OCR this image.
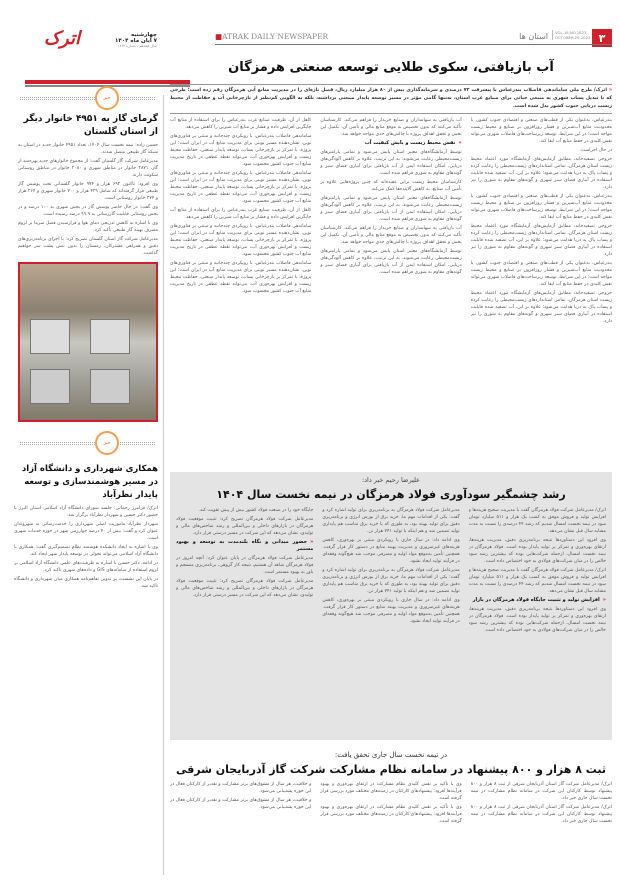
۳
VOL.18,NO.1823
OCTOBER.29.2025
استان ها
■ATRAK DAILY NEWSPAPER
اترک	چهارشنبه
۷ آبان ماه ۱۴۰۴
سال هجدهم ـ شماره ۱۸۲۳
خبر
گرمای گاز به ۴۹۵۱ خانوار دیگر از استان گلستان

حسین زاده: نیمه نخست سال ۱۴۰۴، تعداد ۴۹۵۱ خانوار جدید در استان به شبکه گاز طبیعی متصل شدند.

مدیرعامل شرکت گاز گلستان گفت: از مجموع خانوارهای جدید بهره‌مند از گاز، ۲۸۷۱ خانوار در مناطق شهری و ۲۰۸۰ خانوار در مناطق روستایی سکونت دارند.

وی افزود: تاکنون ۶۹۲ هزار و ۹۷۴ خانوار گلستانی تحت پوشش گاز طبیعی قرار گرفته‌اند که شامل ۴۲۹ هزار و ۷۰۰ خانوار شهری و ۲۶۴ هزار و ۲۷۴ خانوار روستایی است.

وی گفت: در حال حاضر پوشش گاز در بخش شهری به ۱۰۰ درصد و در بخش روستایی قابلیت گازرسانی به ۹۹.۹ درصد رسیده است.

وی با اشاره به کاهش تدریجی دمای هوا و فرارسیدن فصل سرما بر لزوم مصرف بهینه گاز طبیعی تأکید کرد.

مدیرعامل شرکت گاز استان گلستان تصریح کرد: با اجرای برنامه‌ریزی‌های دقیق و همراهی مشترکان، زمستان را بدون تنش پشت سر خواهیم گذاشت.

خبر
همکاری شهرداری و دانشگاه آزاد در مسیر هوشمندسازی و توسعه پایدار نظرآباد

اترک/ فرامرز رحمانی: جلسه شورای دانشگاه آزاد اسلامی استان البرز با حضور دکتر حسین و شهردار نظرآباد برگزار شد.

شهردار نظرآباد ماموریت اصلی شهرداری را خدمت‌رسانی به شهروندان عنوان کرد و گفت: بیش از ۴۰ درصد خوارزمی شهر در حوزه خدمات شهری است.

وی با اشاره به ایجاد دانشکده هوشمند نظام تصمیم‌گیری گفت: همکاری با دانشگاه آزاد اسلامی می‌تواند تحولی در توسعه پایدار شهر ایجاد کند.

در ادامه، دکتر حسین با اشاره به ظرفیت‌های علمی دانشگاه آزاد اسلامی بر لزوم استفاده از سامانه‌های GIS و داده‌های شهری تاکید کرد.

در پایان این نشست، بر تدوین تفاهم‌نامه همکاری میان شهرداری و دانشگاه تاکید شد.

آب بازیافتی، سکوی طلایی توسعه صنعتی هرمزگان
« اترک/ طرح ملی ساماندهی فاضلاب بندرعباس با پیشرفت ۷۲ درصدی و سرمایه‌گذاری بیش از ۸۰ هزار میلیارد ریال، فصل تازه‌ای را در مدیریت منابع آبی هرمزگان رقم زده است؛ طرحی که با تبدیل پساب شهری به منبعی حیاتی برای صنایع غرب استان، نه‌تنها گامی مؤثر در مسیر توسعه پایدار صنعتی برداشته، بلکه به الگویی کم‌نظیر از بازچرخانی آب و حفاظت از محیط زیست دریایی جنوب کشور بدل شده است.

بندرعباس، به‌عنوان یکی از قطب‌های صنعتی و اقتصادی جنوب کشور، با محدودیت منابع آب‌شیرین و فشار روزافزون بر صنایع و محیط زیست مواجه است؛ در این شرایط، توسعه زیرساخت‌های فاضلاب شهری می‌تواند نقش کلیدی در حفظ منابع آب ایفا کند.

در حال اجراست.

خروجی تصفیه‌خانه، مطابق آزمایش‌های آزمایشگاه مورد اعتماد محیط زیست استان هرمزگان، تمامی استانداردهای زیست‌محیطی را رعایت کرده و پساب پاک به دریا هدایت می‌شود؛ علاوه بر این، آب تصفیه شده قابلیت استفاده در آبیاری فضای سبز شهری و گونه‌های مقاوم به شوری را نیز دارد.

بندرعباس، به‌عنوان یکی از قطب‌های صنعتی و اقتصادی جنوب کشور، با محدودیت منابع آب‌شیرین و فشار روزافزون بر صنایع و محیط زیست مواجه است؛ در این شرایط، توسعه زیرساخت‌های فاضلاب شهری می‌تواند نقش کلیدی در حفظ منابع آب ایفا کند.

خروجی تصفیه‌خانه، مطابق آزمایش‌های آزمایشگاه مورد اعتماد محیط زیست استان هرمزگان، تمامی استانداردهای زیست‌محیطی را رعایت کرده و پساب پاک به دریا هدایت می‌شود؛ علاوه بر این، آب تصفیه شده قابلیت استفاده در آبیاری فضای سبز شهری و گونه‌های مقاوم به شوری را نیز دارد.

بندرعباس، به‌عنوان یکی از قطب‌های صنعتی و اقتصادی جنوب کشور، با محدودیت منابع آب‌شیرین و فشار روزافزون بر صنایع و محیط زیست مواجه است؛ در این شرایط، توسعه زیرساخت‌های فاضلاب شهری می‌تواند نقش کلیدی در حفظ منابع آب ایفا کند.

خروجی تصفیه‌خانه، مطابق آزمایش‌های آزمایشگاه مورد اعتماد محیط زیست استان هرمزگان، تمامی استانداردهای زیست‌محیطی را رعایت کرده و پساب پاک به دریا هدایت می‌شود؛ علاوه بر این، آب تصفیه شده قابلیت استفاده در آبیاری فضای سبز شهری و گونه‌های مقاوم به شوری را نیز دارد.

آب بازیافتی به سهامداران و صنایع خریدار را فراهم می‌کند. کارشناسان تأکید می‌کنند که بدون تخصیص به موقع منابع مالی و تأمین آن، تکمیل این بخش و تحقق اهداف پروژه با چالش‌های جدی مواجه خواهد شد.

« نقش محیط زیست و پایش کیفیت آب

توسط آزمایشگاه‌های معتبر استان پایش می‌شود و تمامی پارامترهای زیست‌محیطی رعایت می‌شوند. به این ترتیب، علاوه بر کاهش آلودگی‌های دریایی، امکان استفاده ایمن از آب بازیافتی برای آبیاری فضای سبز و گونه‌های مقاوم به شوری فراهم شده است.

کارشناسان محیط زیست براین عقیده‌اند که چنین پروژه‌هایی علاوه بر تأمین آب صنایع، به کاهش آلاینده‌ها کمک می‌کند.

توسط آزمایشگاه‌های معتبر استان پایش می‌شود و تمامی پارامترهای زیست‌محیطی رعایت می‌شوند. به این ترتیب، علاوه بر کاهش آلودگی‌های دریایی، امکان استفاده ایمن از آب بازیافتی برای آبیاری فضای سبز و گونه‌های مقاوم به شوری فراهم شده است.

آب بازیافتی به سهامداران و صنایع خریدار را فراهم می‌کند. کارشناسان تأکید می‌کنند که بدون تخصیص به موقع منابع مالی و تأمین آن، تکمیل این بخش و تحقق اهداف پروژه با چالش‌های جدی مواجه خواهد شد.

توسط آزمایشگاه‌های معتبر استان پایش می‌شود و تمامی پارامترهای زیست‌محیطی رعایت می‌شوند. به این ترتیب، علاوه بر کاهش آلودگی‌های دریایی، امکان استفاده ایمن از آب بازیافتی برای آبیاری فضای سبز و گونه‌های مقاوم به شوری فراهم شده است.

کاهل از آن، ظرفیت صنایع غرب بندرعباس را برای استفاده از منابع آب جایگزین افزایش داده و فشار بر منابع آب شیرین را کاهش می‌دهد.

ساماندهی فاضلاب بندرعباس، با رویکردی چندجانبه و مبتنی بر فناوری‌های نوین، نشان‌دهنده مسیر نوینی برای مدیریت منابع آب در ایران است؛ این پروژه، با تمرکز بر بازچرخانی پساب، توسعه پایدار صنعتی، حفاظت محیط زیست و افزایش بهره‌وری آب، می‌تواند نقطه عطفی در تاریخ مدیریت منابع آب جنوب کشور محسوب شود.

ساماندهی فاضلاب بندرعباس، با رویکردی چندجانبه و مبتنی بر فناوری‌های نوین، نشان‌دهنده مسیر نوینی برای مدیریت منابع آب در ایران است؛ این پروژه، با تمرکز بر بازچرخانی پساب، توسعه پایدار صنعتی، حفاظت محیط زیست و افزایش بهره‌وری آب، می‌تواند نقطه عطفی در تاریخ مدیریت منابع آب جنوب کشور محسوب شود.

کاهل از آن، ظرفیت صنایع غرب بندرعباس را برای استفاده از منابع آب جایگزین افزایش داده و فشار بر منابع آب شیرین را کاهش می‌دهد.

ساماندهی فاضلاب بندرعباس، با رویکردی چندجانبه و مبتنی بر فناوری‌های نوین، نشان‌دهنده مسیر نوینی برای مدیریت منابع آب در ایران است؛ این پروژه، با تمرکز بر بازچرخانی پساب، توسعه پایدار صنعتی، حفاظت محیط زیست و افزایش بهره‌وری آب، می‌تواند نقطه عطفی در تاریخ مدیریت منابع آب جنوب کشور محسوب شود.

ساماندهی فاضلاب بندرعباس، با رویکردی چندجانبه و مبتنی بر فناوری‌های نوین، نشان‌دهنده مسیر نوینی برای مدیریت منابع آب در ایران است؛ این پروژه، با تمرکز بر بازچرخانی پساب، توسعه پایدار صنعتی، حفاظت محیط زیست و افزایش بهره‌وری آب، می‌تواند نقطه عطفی در تاریخ مدیریت منابع آب جنوب کشور محسوب شود.

علیرضا رحیم خبر داد:
رشد چشمگیر سودآوری فولاد هرمزگان در نیمه نخست سال ۱۴۰۴

اترک/ مدیرعامل شرکت فولاد هرمزگان گفت با مدیریت صحیح هزینه‌ها و افزایش تولید و فروش موفق به کسب یک هزار و ۵۱۱ میلیارد تومان سود در نیمه نخست امسال شدیم که رشد ۴۴ درصدی را نسبت به مدت مشابه سال قبل نشان می‌دهد.

وی افزود این دستاوردها نتیجه برنامه‌ریزی دقیق، مدیریت هزینه‌ها، ارتقای بهره‌وری و تمرکز بر تولید پایدار بوده است. فولاد هرمزگان در نیمه نخست امسال، ازجمله شرکت‌هایی بوده که بیشترین رشد سود خالص را در میان شرکت‌های فولادی به خود اختصاص داده است.

اترک/ مدیرعامل شرکت فولاد هرمزگان گفت با مدیریت صحیح هزینه‌ها و افزایش تولید و فروش موفق به کسب یک هزار و ۵۱۱ میلیارد تومان سود در نیمه نخست امسال شدیم که رشد ۴۴ درصدی را نسبت به مدت مشابه سال قبل نشان می‌دهد.

« افزایش تولید و تثبیت جایگاه فولاد هرمزگان در بازار

وی افزود این دستاوردها نتیجه برنامه‌ریزی دقیق، مدیریت هزینه‌ها، ارتقای بهره‌وری و تمرکز بر تولید پایدار بوده است. فولاد هرمزگان در نیمه نخست امسال، ازجمله شرکت‌هایی بوده که بیشترین رشد سود خالص را در میان شرکت‌های فولادی به خود اختصاص داده است.

مدیرعامل شرکت فولاد هرمزگان به برنامه‌ریزی برای تولید اشاره کرد و گفت: یکی از اقدامات مهم ما، خرید برق از بورس انرژی و برنامه‌ریزی دقیق برای تولید بهینه بود، به طوری که با خرید برق مناسب هم پایداری تولید تضمین شد و هم اینکه با تولید ۷۴۱ هزار تن.

وی ادامه داد: در سال جاری با رویکردی مبتنی بر بهره‌وری، کاهش هزینه‌های غیرضروری و مدیریت بهینه منابع در دستور کار قرار گرفت. همچنین تأمین به‌موقع مواد اولیه و مصرفی موجب شد هیچ‌گونه وقفه‌ای در فرآیند تولید ایجاد نشود.

مدیرعامل شرکت فولاد هرمزگان به برنامه‌ریزی برای تولید اشاره کرد و گفت: یکی از اقدامات مهم ما، خرید برق از بورس انرژی و برنامه‌ریزی دقیق برای تولید بهینه بود، به طوری که با خرید برق مناسب هم پایداری تولید تضمین شد و هم اینکه با تولید ۷۴۱ هزار تن.

وی ادامه داد: در سال جاری با رویکردی مبتنی بر بهره‌وری، کاهش هزینه‌های غیرضروری و مدیریت بهینه منابع در دستور کار قرار گرفت. همچنین تأمین به‌موقع مواد اولیه و مصرفی موجب شد هیچ‌گونه وقفه‌ای در فرآیند تولید ایجاد نشود.

جایگاه خود را در صنعت فولاد کشور بیش از پیش تقویت کند.

مدیرعامل شرکت فولاد هرمزگان تصریح کرد: تثبیت موقعیت فولاد هرمزگان در بازارهای داخلی و بین‌المللی و رشد شاخص‌های مالی و تولیدی، نشان می‌دهد که این شرکت در مسیر درستی قرار دارد.

« حضور میدانی و نگاه بلندمدت به توسعه و بهبود مستمر

مدیرعامل شرکت فولاد هرمزگان در پایان عنوان کرد: آنچه امروز در فولاد هرمزگان شاهد آن هستیم، نتیجه کار گروهی، برنامه‌ریزی منسجم و باور به بهبود مستمر است.

مدیرعامل شرکت فولاد هرمزگان تصریح کرد: تثبیت موقعیت فولاد هرمزگان در بازارهای داخلی و بین‌المللی و رشد شاخص‌های مالی و تولیدی، نشان می‌دهد که این شرکت در مسیر درستی قرار دارد.

در نیمه نخست سال جاری تحقق یافت:
ثبت ۸ هزار و ۸۰۰ پیشنهاد در سامانه نظام مشارکت شرکت گاز آذربایجان شرقی

اترک/ مدیرعامل شرکت گاز استان آذربایجان شرقی از ثبت ۸ هزار و ۸۰۰ پیشنهاد توسط کارکنان این شرکت در سامانه نظام مشارکت در نیمه نخست سال جاری خبر داد.

اترک/ مدیرعامل شرکت گاز استان آذربایجان شرقی از ثبت ۸ هزار و ۸۰۰ پیشنهاد توسط کارکنان این شرکت در سامانه نظام مشارکت در نیمه نخست سال جاری خبر داد.

وی با تأکید بر نقش کلیدی نظام مشارکت در ارتقای بهره‌وری و بهبود فرآیندها افزود: پیشنهادهای کارکنان در زمینه‌های مختلف مورد بررسی قرار گرفته است.

وی با تأکید بر نقش کلیدی نظام مشارکت در ارتقای بهره‌وری و بهبود فرآیندها افزود: پیشنهادهای کارکنان در زمینه‌های مختلف مورد بررسی قرار گرفته است.

و خلاقیت، هر سال از مشوق‌های برتر مشارکت و تقدیر از کارکنان فعال در این حوزه پشتیبانی می‌شود.

و خلاقیت، هر سال از مشوق‌های برتر مشارکت و تقدیر از کارکنان فعال در این حوزه پشتیبانی می‌شود.
